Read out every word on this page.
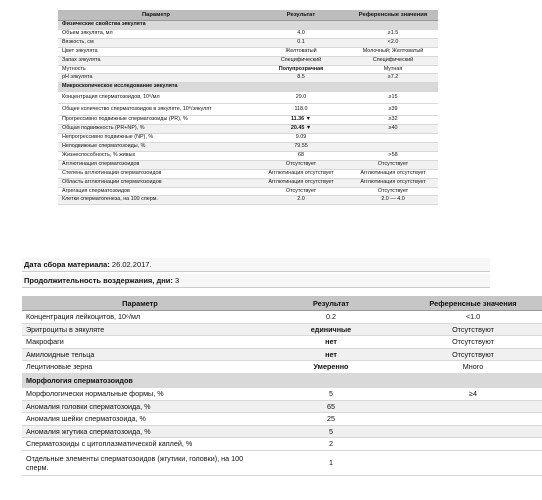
Параметр	Результат	Референсные значения
Физические свойства эякулята		
Объем эякулята, мл	4.0	≥1.5
Вязкость, см	0.1	<2.0
Цвет эякулята	Желтоватый	Молочный; Желтоватый
Запах эякулята	Специфический	Специфический
Мутность	Полупрозрачная	Мутная
pH эякулята	8.5	≥7.2
Микроскопическое исследование эякулята		
Концентрация сперматозоидов, 10⁶/мл	29.0	≥15
Общее количество сперматозоидов в эякуляте, 10⁶/эякулят	118.0	≥39
Прогрессивно подвижные сперматозоиды (PR), %	11.36 ▼	≥32
Общая подвижность (PR+NP), %	20.45 ▼	≥40
Непрогрессивно подвижные (NP), %	9.09	
Неподвижные сперматозоиды, %	79.55	
Жизнеспособность, % живых	68	>58
Агглютинация сперматозоидов	Отсутствует	Отсутствует
Степень агглютинации сперматозоидов	Агглютинация отсутствует	Агглютинация отсутствует
Область агглютинации сперматозоидов	Агглютинация отсутствует	Агглютинация отсутствует
Агрегация сперматозоидов	Отсутствует	Отсутствует
Клетки сперматогенеза, на 100 сперм.	2.0	2.0 — 4.0
Дата сбора материала: 26.02.2017.
Продолжительность воздержания, дни: 3
Параметр	Результат	Референсные значения
Концентрация лейкоцитов, 10⁶/мл	0.2	<1.0
Эритроциты в эякуляте	единичные	Отсутствуют
Макрофаги	нет	Отсутствуют
Амилоидные тельца	нет	Отсутствуют
Лецитиновые зерна	Умеренно	Много
Морфология сперматозоидов		
Морфологически нормальные формы, %	5	≥4
Аномалия головки сперматозоида, %	65	
Аномалия шейки сперматозоида, %	25	
Аномалия жгутика сперматозоида, %	5	
Сперматозоиды с цитоплазматической каплей, %	2	
Отдельные элементы сперматозоидов (жгутики, головки), на 100 сперм.	1	
